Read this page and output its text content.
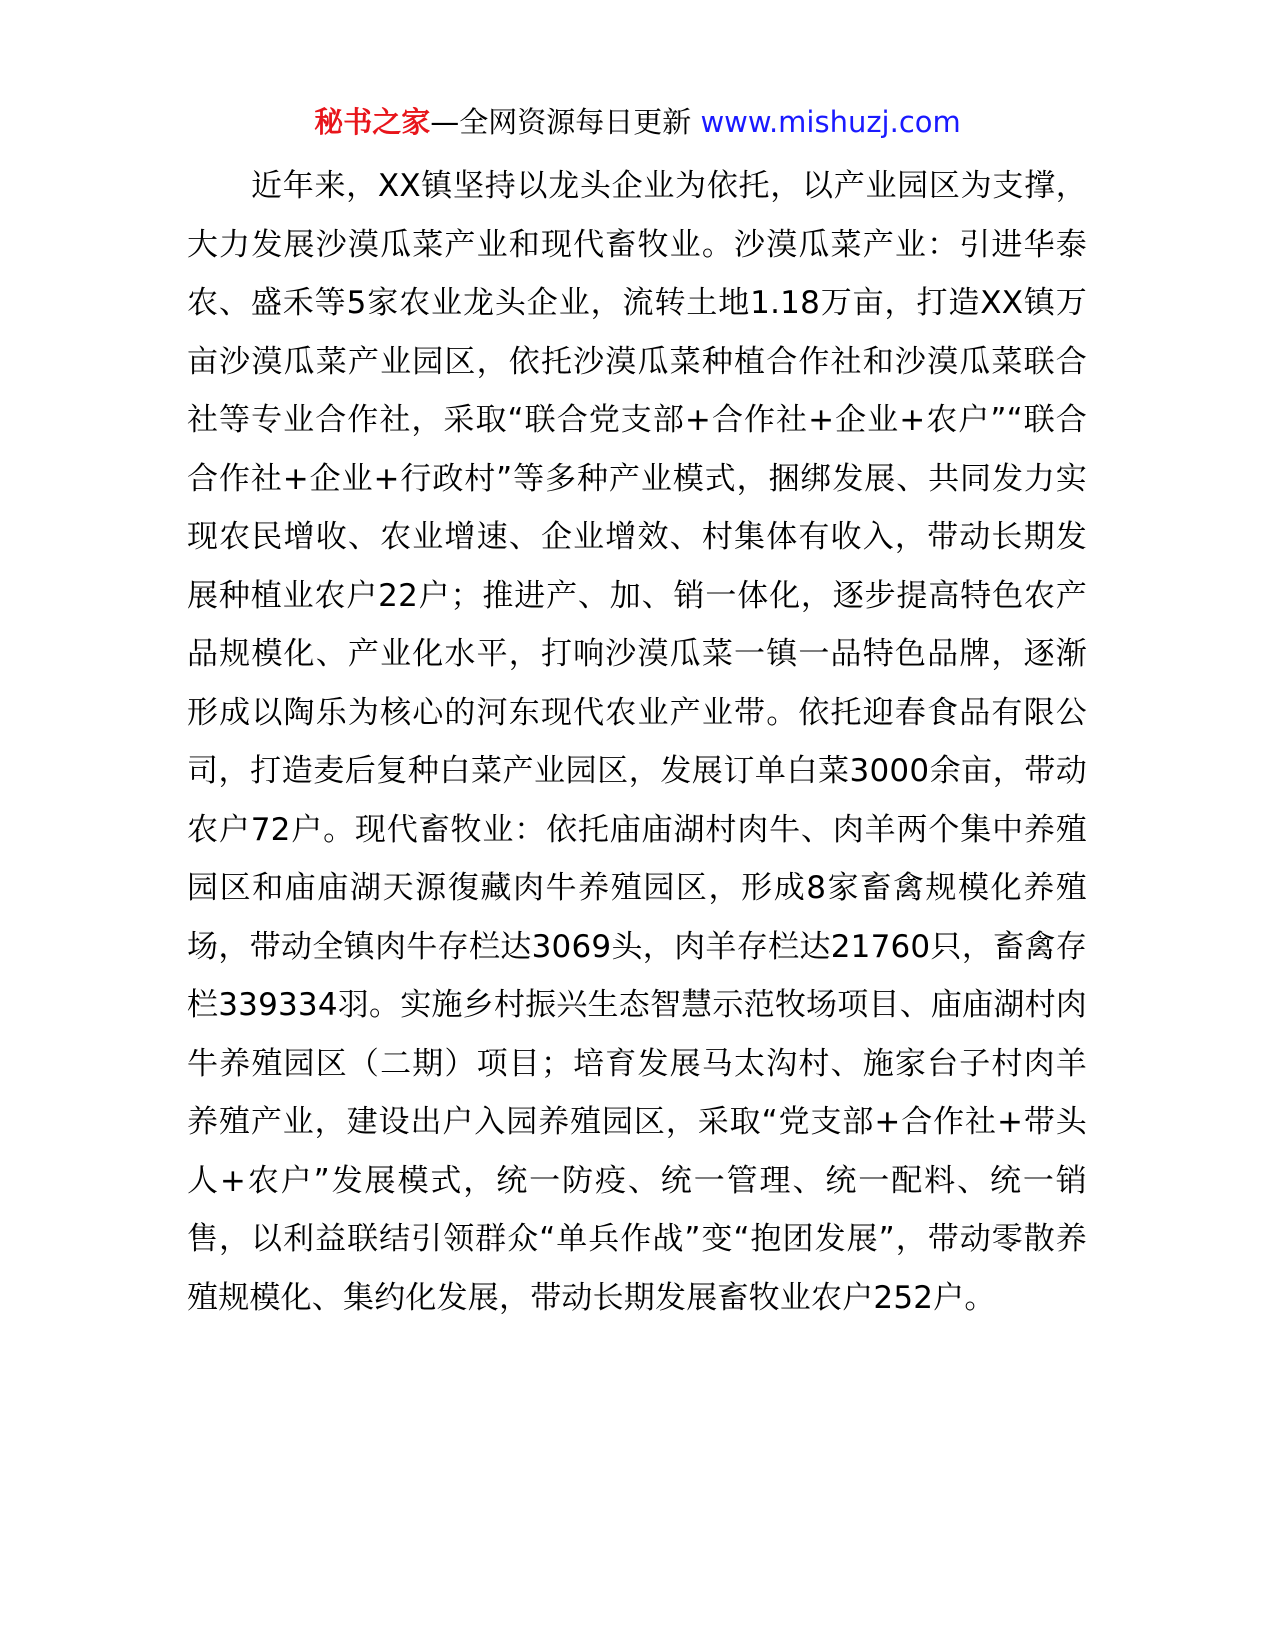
秘书之家—全网资源每日更新 www.mishuzj.com

近年来，XX镇坚持以龙头企业为依托，以产业园区为支撑，大力发展沙漠瓜菜产业和现代畜牧业。沙漠瓜菜产业：引进华泰农、盛禾等5家农业龙头企业，流转土地1.18万亩，打造XX镇万亩沙漠瓜菜产业园区，依托沙漠瓜菜种植合作社和沙漠瓜菜联合社等专业合作社，采取“联合党支部+合作社+企业+农户”“联合合作社+企业+行政村”等多种产业模式，捆绑发展、共同发力实现农民增收、农业增速、企业增效、村集体有收入，带动长期发展种植业农户22户；推进产、加、销一体化，逐步提高特色农产品规模化、产业化水平，打响沙漠瓜菜一镇一品特色品牌，逐渐形成以陶乐为核心的河东现代农业产业带。依托迎春食品有限公司，打造麦后复种白菜产业园区，发展订单白菜3000余亩，带动农户72户。现代畜牧业：依托庙庙湖村肉牛、肉羊两个集中养殖园区和庙庙湖天源復藏肉牛养殖园区，形成8家畜禽规模化养殖场，带动全镇肉牛存栏达3069头，肉羊存栏达21760只，畜禽存栏339334羽。实施乡村振兴生态智慧示范牧场项目、庙庙湖村肉牛养殖园区（二期）项目；培育发展马太沟村、施家台子村肉羊养殖产业，建设出户入园养殖园区，采取“党支部+合作社+带头人+农户”发展模式，统一防疫、统一管理、统一配料、统一销售，以利益联结引领群众“单兵作战”变“抱团发展”，带动零散养殖规模化、集约化发展，带动长期发展畜牧业农户252户。
